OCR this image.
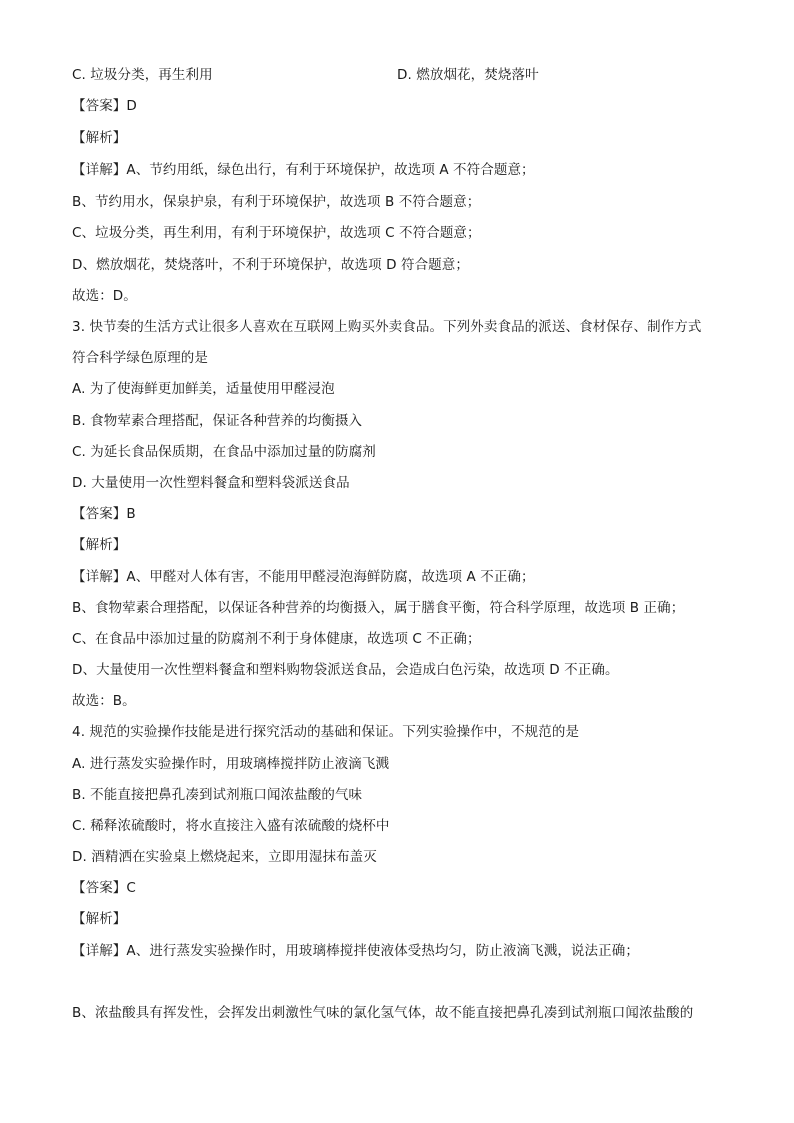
C. 垃圾分类，再生利用	D. 燃放烟花，焚烧落叶
【答案】D
【解析】
【详解】A、节约用纸，绿色出行，有利于环境保护，故选项 A 不符合题意；
B、节约用水，保泉护泉，有利于环境保护，故选项 B 不符合题意；
C、垃圾分类，再生利用，有利于环境保护，故选项 C 不符合题意；
D、燃放烟花，焚烧落叶，不利于环境保护，故选项 D 符合题意；
故选：D。
3. 快节奏的生活方式让很多人喜欢在互联网上购买外卖食品。下列外卖食品的派送、食材保存、制作方式
符合科学绿色原理的是
A. 为了使海鲜更加鲜美，适量使用甲醛浸泡
B. 食物荤素合理搭配，保证各种营养的均衡摄入
C. 为延长食品保质期，在食品中添加过量的防腐剂
D. 大量使用一次性塑料餐盒和塑料袋派送食品
【答案】B
【解析】
【详解】A、甲醛对人体有害，不能用甲醛浸泡海鲜防腐，故选项 A 不正确；
B、食物荤素合理搭配，以保证各种营养的均衡摄入，属于膳食平衡，符合科学原理，故选项 B 正确；
C、在食品中添加过量的防腐剂不利于身体健康，故选项 C 不正确；
D、大量使用一次性塑料餐盒和塑料购物袋派送食品，会造成白色污染，故选项 D 不正确。
故选：B。
4. 规范的实验操作技能是进行探究活动的基础和保证。下列实验操作中，不规范的是
A. 进行蒸发实验操作时，用玻璃棒搅拌防止液滴飞溅
B. 不能直接把鼻孔凑到试剂瓶口闻浓盐酸的气味
C. 稀释浓硫酸时，将水直接注入盛有浓硫酸的烧杯中
D. 酒精洒在实验桌上燃烧起来，立即用湿抹布盖灭
【答案】C
【解析】
【详解】A、进行蒸发实验操作时，用玻璃棒搅拌使液体受热均匀，防止液滴飞溅，说法正确；
B、浓盐酸具有挥发性，会挥发出刺激性气味的氯化氢气体，故不能直接把鼻孔凑到试剂瓶口闻浓盐酸的
